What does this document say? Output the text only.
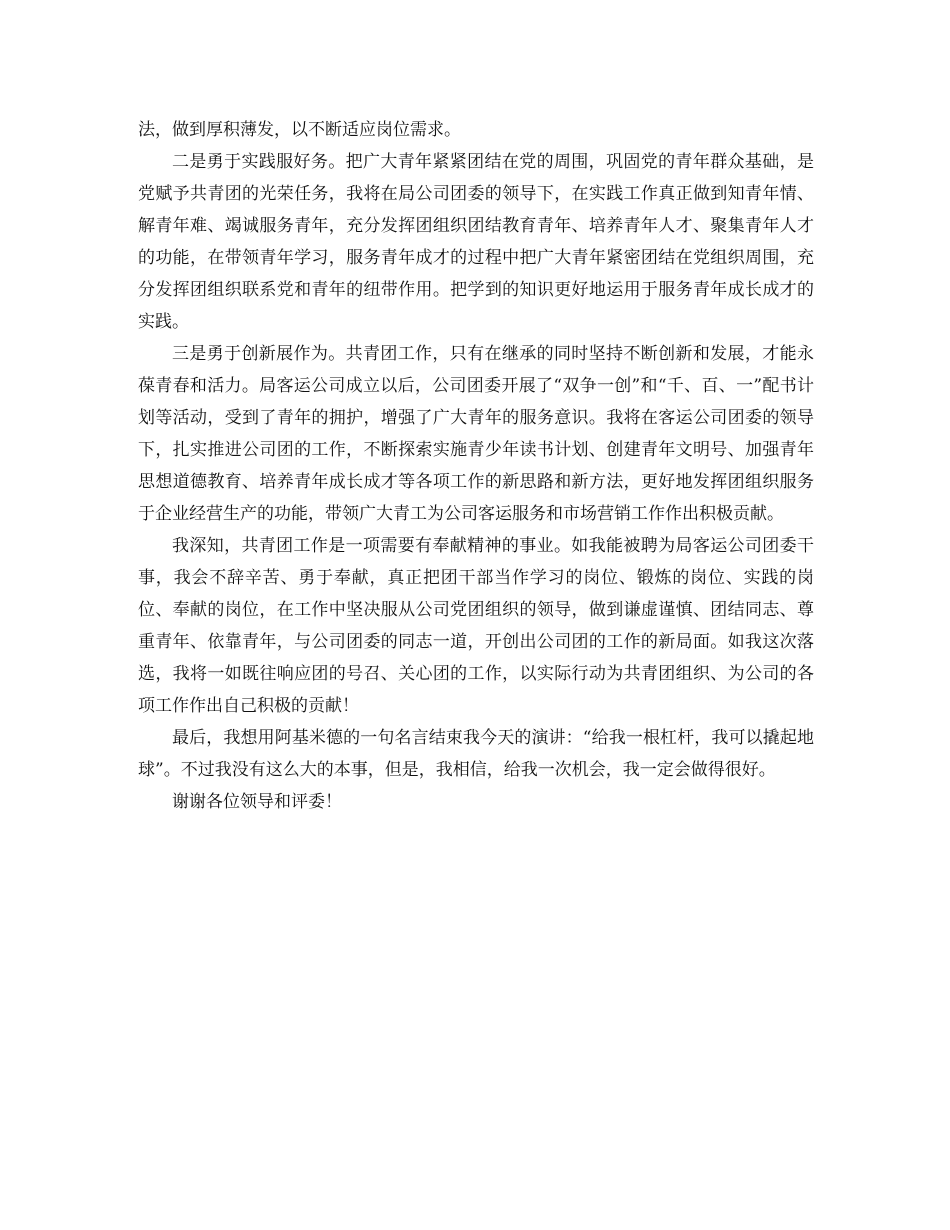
法，做到厚积薄发，以不断适应岗位需求。

二是勇于实践服好务。把广大青年紧紧团结在党的周围，巩固党的青年群众基础，是党赋予共青团的光荣任务，我将在局公司团委的领导下，在实践工作真正做到知青年情、解青年难、竭诚服务青年，充分发挥团组织团结教育青年、培养青年人才、聚集青年人才的功能，在带领青年学习，服务青年成才的过程中把广大青年紧密团结在党组织周围，充分发挥团组织联系党和青年的纽带作用。把学到的知识更好地运用于服务青年成长成才的实践。

三是勇于创新展作为。共青团工作，只有在继承的同时坚持不断创新和发展，才能永葆青春和活力。局客运公司成立以后，公司团委开展了“双争一创”和“千、百、一”配书计划等活动，受到了青年的拥护，增强了广大青年的服务意识。我将在客运公司团委的领导下，扎实推进公司团的工作，不断探索实施青少年读书计划、创建青年文明号、加强青年思想道德教育、培养青年成长成才等各项工作的新思路和新方法，更好地发挥团组织服务于企业经营生产的功能，带领广大青工为公司客运服务和市场营销工作作出积极贡献。

我深知，共青团工作是一项需要有奉献精神的事业。如我能被聘为局客运公司团委干事，我会不辞辛苦、勇于奉献，真正把团干部当作学习的岗位、锻炼的岗位、实践的岗位、奉献的岗位，在工作中坚决服从公司党团组织的领导，做到谦虚谨慎、团结同志、尊重青年、依靠青年，与公司团委的同志一道，开创出公司团的工作的新局面。如我这次落选，我将一如既往响应团的号召、关心团的工作，以实际行动为共青团组织、为公司的各项工作作出自己积极的贡献！

最后，我想用阿基米德的一句名言结束我今天的演讲：“给我一根杠杆，我可以撬起地球”。不过我没有这么大的本事，但是，我相信，给我一次机会，我一定会做得很好。

谢谢各位领导和评委！
